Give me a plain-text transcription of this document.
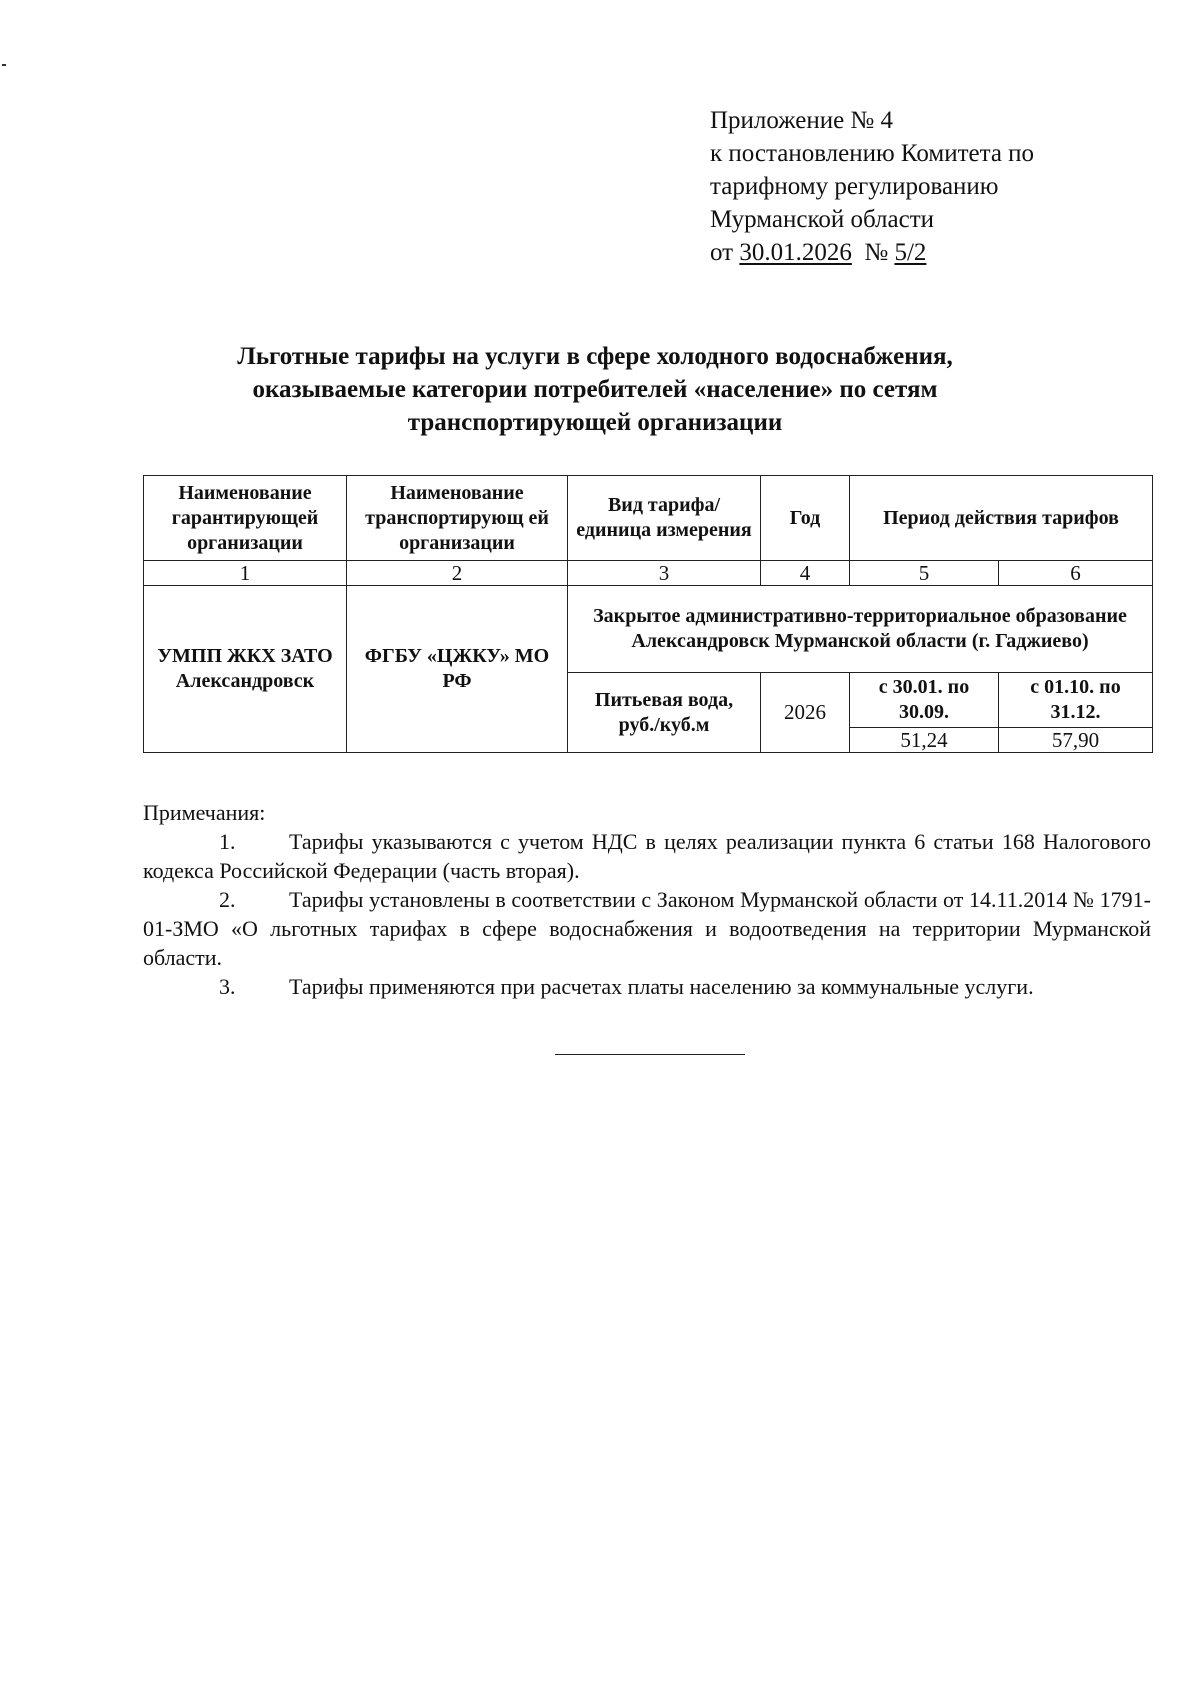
Приложение № 4
к постановлению Комитета по
тарифному регулированию
Мурманской области
от 30.01.2026 № 5/2
Льготные тарифы на услуги в сфере холодного водоснабжения,
оказываемые категории потребителей «население» по сетям
транспортирующей организации
Наименование гарантирующей организации	Наименование транспортирующ ей организации	Вид тарифа/ единица измерения	Год	Период действия тарифов	
1	2	3	4	5	6
УМПП ЖКХ ЗАТО Александровск	ФГБУ «ЦЖКУ» МО РФ	Закрытое административно-территориальное образование Александровск Мурманской области (г. Гаджиево)			
		Питьевая вода, руб./куб.м	2026	с 30.01. по 30.09.	с 01.10. по 31.12.
				51,24	57,90
Примечания:
1. Тарифы указываются с учетом НДС в целях реализации пункта 6 статьи 168 Налогового кодекса Российской Федерации (часть вторая).
2. Тарифы установлены в соответствии с Законом Мурманской области от 14.11.2014 № 1791-01-ЗМО «О льготных тарифах в сфере водоснабжения и водоотведения на территории Мурманской области.
3. Тарифы применяются при расчетах платы населению за коммунальные услуги.
